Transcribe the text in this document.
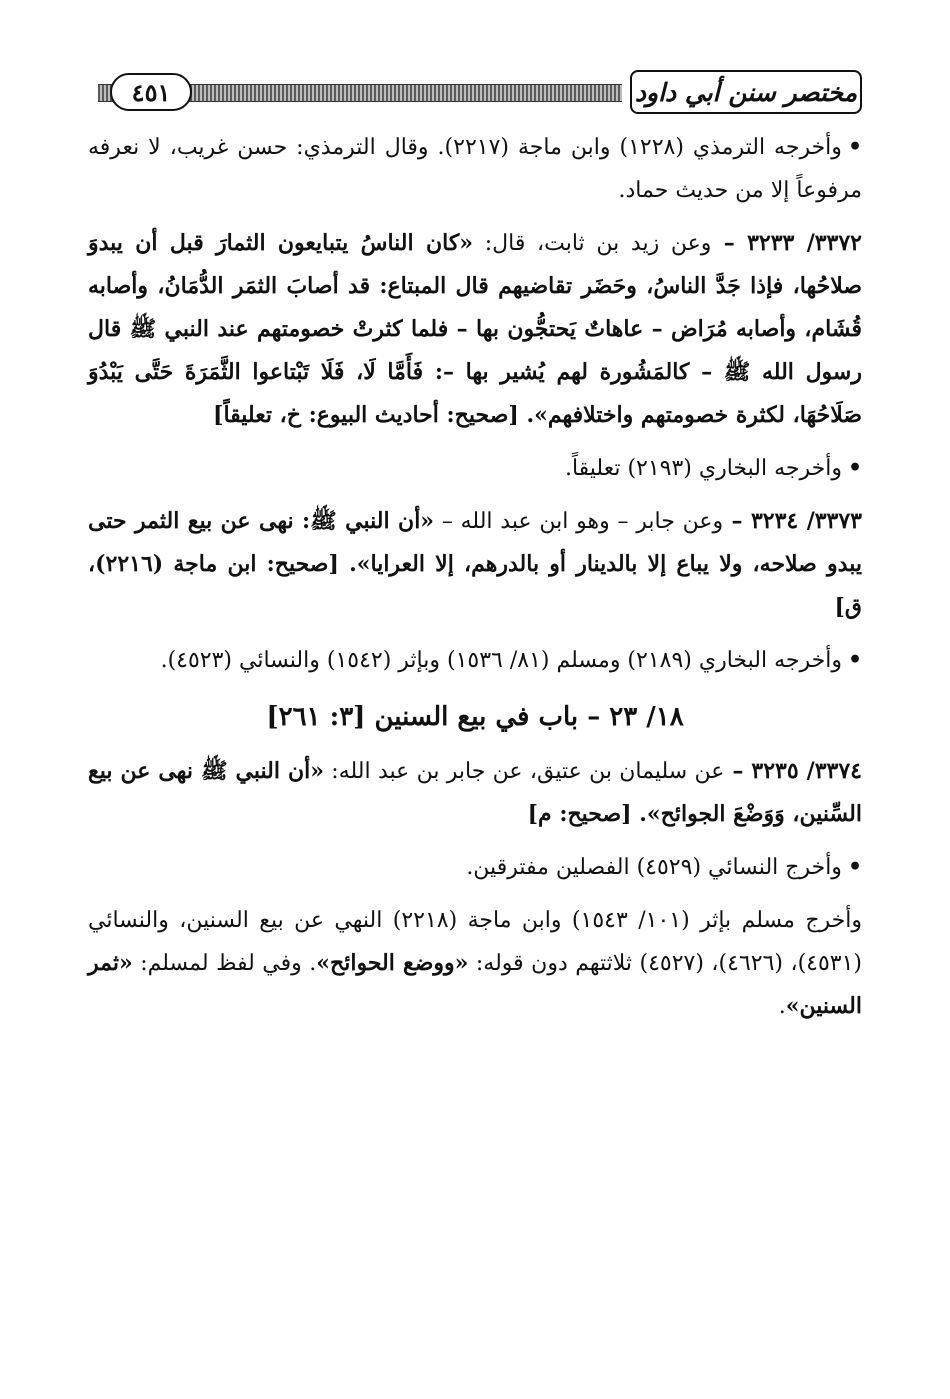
٤٥١	مختصر سنن أبي داود

•وأخرجه الترمذي (١٢٢٨) وابن ماجة (٢٢١٧). وقال الترمذي: حسن غريب، لا نعرفه مرفوعاً إلا من حديث حماد.

٣٣٧٢/ ٣٢٣٣ – وعن زيد بن ثابت، قال: «كان الناسُ يتبايعون الثمارَ قبل أن يبدوَ صلاحُها، فإذا جَدَّ الناسُ، وحَضَر تقاضيهم قال المبتاع: قد أصابَ الثمَر الدُّمَانُ، وأصابه قُشَام، وأصابه مُرَاض – عاهاتٌ يَحتجُّون بها – فلما كثرتْ خصومتهم عند النبي ﷺ قال رسول الله ﷺ – كالمَشُورة لهم يُشير بها –: فَأَمَّا لَا، فَلَا تَبْتاعوا الثَّمَرَةَ حَتَّى يَبْدُوَ صَلَاحُهَا، لكثرة خصومتهم واختلافهم». [صحيح: أحاديث البيوع: خ، تعليقاً]

•وأخرجه البخاري (٢١٩٣) تعليقاً.

٣٣٧٣/ ٣٢٣٤ – وعن جابر – وهو ابن عبد الله – «أن النبي ﷺ: نهى عن بيع الثمر حتى يبدو صلاحه، ولا يباع إلا بالدينار أو بالدرهم، إلا العرايا». [صحيح: ابن ماجة (٢٢١٦)، ق]

•وأخرجه البخاري (٢١٨٩) ومسلم (٨١/ ١٥٣٦) وبإثر (١٥٤٢) والنسائي (٤٥٢٣).

١٨/ ٢٣ – باب في بيع السنين [٣: ٢٦١]

٣٣٧٤/ ٣٢٣٥ – عن سليمان بن عتيق، عن جابر بن عبد الله: «أن النبي ﷺ نهى عن بيع السِّنين، وَوَضْعَ الجوائح». [صحيح: م]

•وأخرج النسائي (٤٥٢٩) الفصلين مفترقين.

وأخرج مسلم بإثر (١٠١/ ١٥٤٣) وابن ماجة (٢٢١٨) النهي عن بيع السنين، والنسائي (٤٥٣١)، (٤٦٢٦)، (٤٥٢٧) ثلاثتهم دون قوله: «ووضع الحوائح». وفي لفظ لمسلم: «ثمر السنين».
